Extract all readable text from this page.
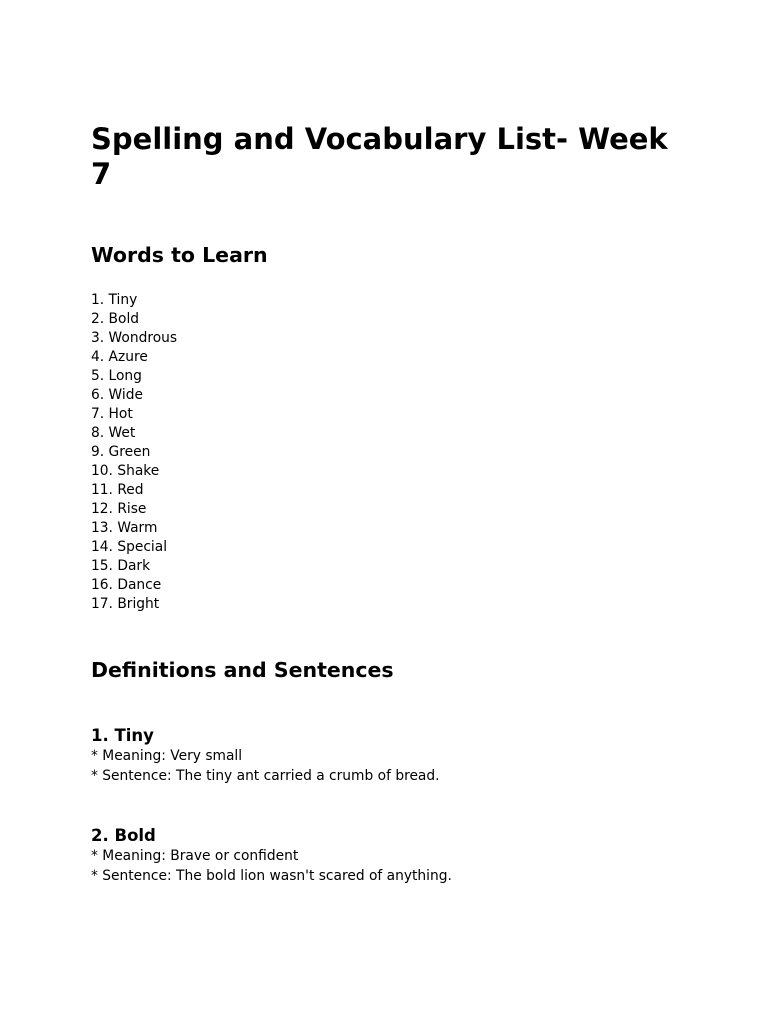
Spelling and Vocabulary List- Week 7
Words to Learn
1. Tiny
2. Bold
3. Wondrous
4. Azure
5. Long
6. Wide
7. Hot
8. Wet
9. Green
10. Shake
11. Red
12. Rise
13. Warm
14. Special
15. Dark
16. Dance
17. Bright
Definitions and Sentences
1. Tiny
* Meaning: Very small
* Sentence: The tiny ant carried a crumb of bread.
2. Bold
* Meaning: Brave or confident
* Sentence: The bold lion wasn't scared of anything.
